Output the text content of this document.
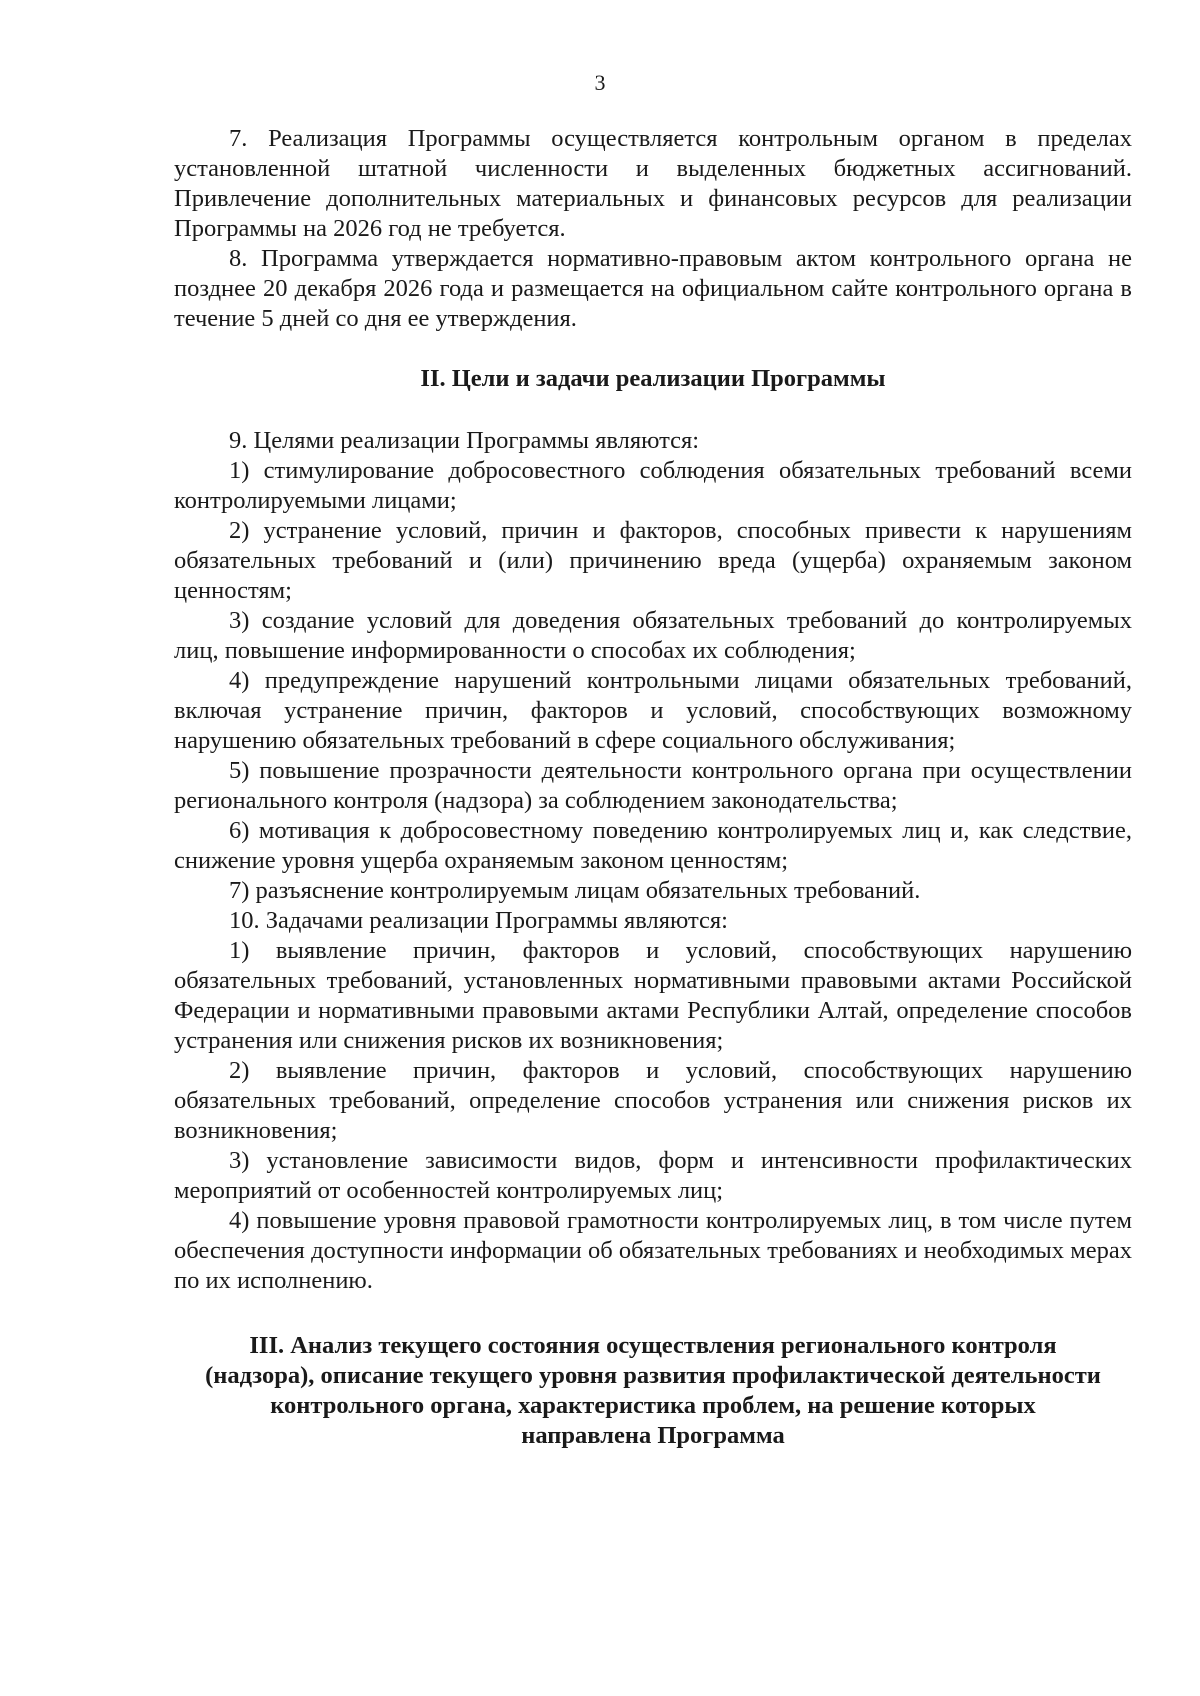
3

7. Реализация Программы осуществляется контрольным органом в пределах установленной штатной численности и выделенных бюджетных ассигнований. Привлечение дополнительных материальных и финансовых ресурсов для реализации Программы на 2026 год не требуется.

8. Программа утверждается нормативно-правовым актом контрольного органа не позднее 20 декабря 2026 года и размещается на официальном сайте контрольного органа в течение 5 дней со дня ее утверждения.

II. Цели и задачи реализации Программы

9. Целями реализации Программы являются:

1) стимулирование добросовестного соблюдения обязательных требований всеми контролируемыми лицами;

2) устранение условий, причин и факторов, способных привести к нарушениям обязательных требований и (или) причинению вреда (ущерба) охраняемым законом ценностям;

3) создание условий для доведения обязательных требований до контролируемых лиц, повышение информированности о способах их соблюдения;

4) предупреждение нарушений контрольными лицами обязательных требований, включая устранение причин, факторов и условий, способствующих возможному нарушению обязательных требований в сфере социального обслуживания;

5) повышение прозрачности деятельности контрольного органа при осуществлении регионального контроля (надзора) за соблюдением законодательства;

6) мотивация к добросовестному поведению контролируемых лиц и, как следствие, снижение уровня ущерба охраняемым законом ценностям;

7) разъяснение контролируемым лицам обязательных требований.

10. Задачами реализации Программы являются:

1) выявление причин, факторов и условий, способствующих нарушению обязательных требований, установленных нормативными правовыми актами Российской Федерации и нормативными правовыми актами Республики Алтай, определение способов устранения или снижения рисков их возникновения;

2) выявление причин, факторов и условий, способствующих нарушению обязательных требований, определение способов устранения или снижения рисков их возникновения;

3) установление зависимости видов, форм и интенсивности профилактических мероприятий от особенностей контролируемых лиц;

4) повышение уровня правовой грамотности контролируемых лиц, в том числе путем обеспечения доступности информации об обязательных требованиях и необходимых мерах по их исполнению.

III. Анализ текущего состояния осуществления регионального контроля
(надзора), описание текущего уровня развития профилактической деятельности
контрольного органа, характеристика проблем, на решение которых
направлена Программа
